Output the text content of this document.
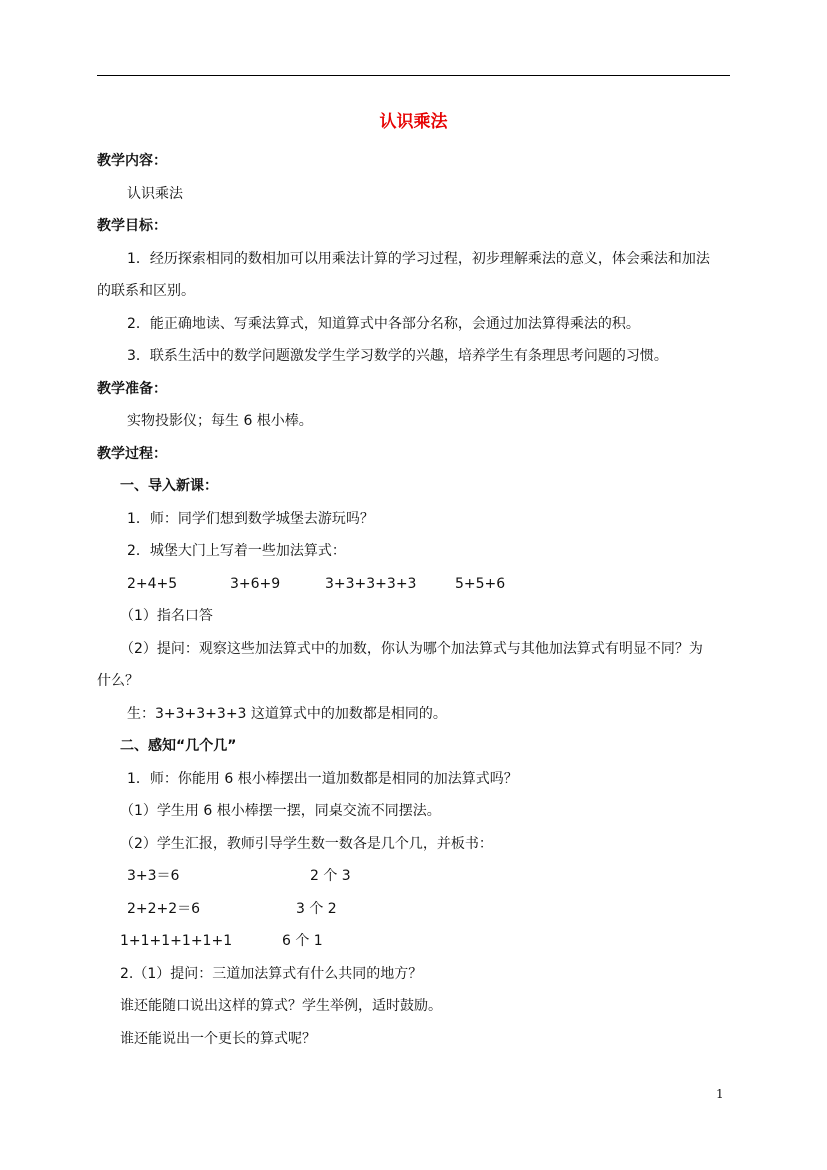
认识乘法
教学内容：
认识乘法
教学目标：
1．经历探索相同的数相加可以用乘法计算的学习过程，初步理解乘法的意义，体会乘法和加法
的联系和区别。
2．能正确地读、写乘法算式，知道算式中各部分名称，会通过加法算得乘法的积。
3．联系生活中的数学问题激发学生学习数学的兴趣，培养学生有条理思考问题的习惯。
教学准备：
实物投影仪；每生 6 根小棒。
教学过程：
一、导入新课：
1．师：同学们想到数学城堡去游玩吗？
2．城堡大门上写着一些加法算式：
2+4+5	3+6+9	3+3+3+3+3	5+5+6
（1）指名口答
（2）提问：观察这些加法算式中的加数，你认为哪个加法算式与其他加法算式有明显不同？为
什么？
生：3+3+3+3+3 这道算式中的加数都是相同的。
二、感知“几个几”
1．师：你能用 6 根小棒摆出一道加数都是相同的加法算式吗？
（1）学生用 6 根小棒摆一摆，同桌交流不同摆法。
（2）学生汇报，教师引导学生数一数各是几个几，并板书：
3+3＝6	2 个 3
2+2+2＝6	3 个 2
1+1+1+1+1+1	6 个 1
2.（1）提问：三道加法算式有什么共同的地方？
谁还能随口说出这样的算式？学生举例，适时鼓励。
谁还能说出一个更长的算式呢？
1
